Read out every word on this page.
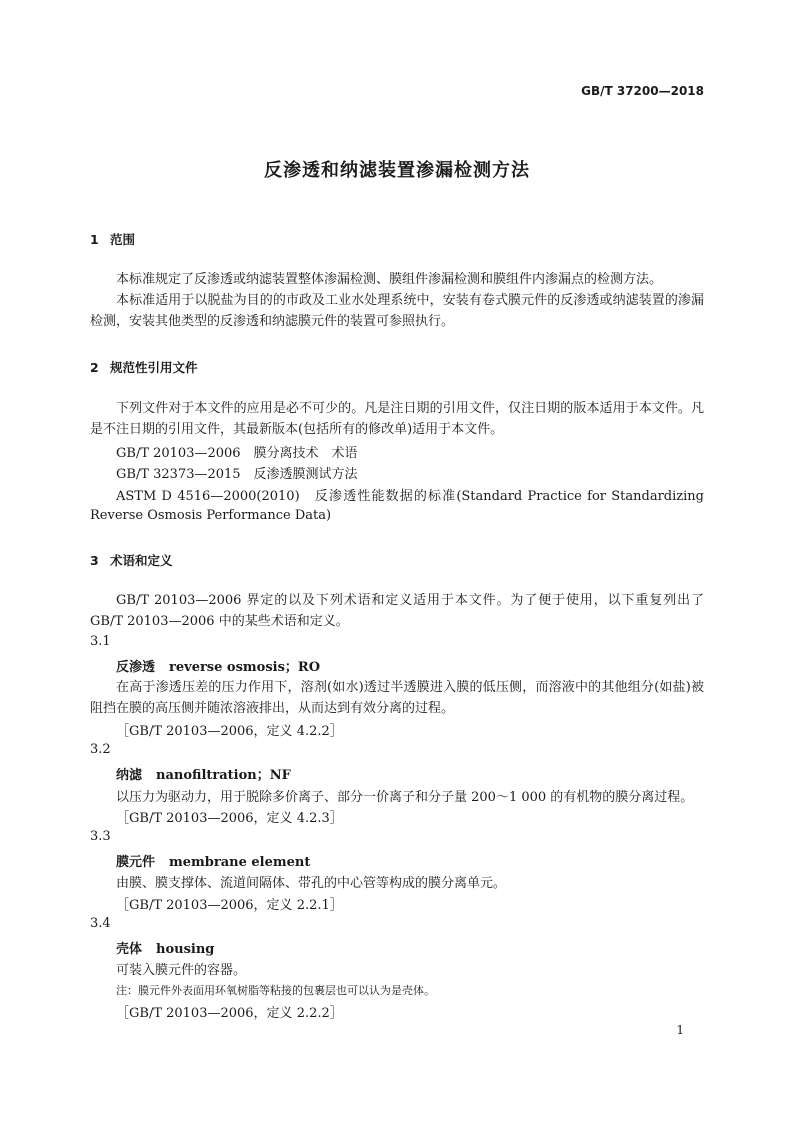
GB/T 37200—2018
反渗透和纳滤装置渗漏检测方法
1 范围
本标准规定了反渗透或纳滤装置整体渗漏检测、膜组件渗漏检测和膜组件内渗漏点的检测方法。
本标准适用于以脱盐为目的的市政及工业水处理系统中，安装有卷式膜元件的反渗透或纳滤装置的渗漏检测，安装其他类型的反渗透和纳滤膜元件的装置可参照执行。
2 规范性引用文件
下列文件对于本文件的应用是必不可少的。凡是注日期的引用文件，仅注日期的版本适用于本文件。凡是不注日期的引用文件，其最新版本(包括所有的修改单)适用于本文件。
GB/T 20103—2006　膜分离技术　术语
GB/T 32373—2015　反渗透膜测试方法
ASTM D 4516—2000(2010)　反渗透性能数据的标准(Standard Practice for Standardizing
Reverse Osmosis Performance Data)
3 术语和定义
GB/T 20103—2006 界定的以及下列术语和定义适用于本文件。为了便于使用，以下重复列出了GB/T 20103—2006 中的某些术语和定义。
3.1
反渗透 reverse osmosis；RO
在高于渗透压差的压力作用下，溶剂(如水)透过半透膜进入膜的低压侧，而溶液中的其他组分(如盐)被阻挡在膜的高压侧并随浓溶液排出，从而达到有效分离的过程。
［GB/T 20103—2006，定义 4.2.2］
3.2
纳滤 nanofiltration；NF
以压力为驱动力，用于脱除多价离子、部分一价离子和分子量 200～1 000 的有机物的膜分离过程。
［GB/T 20103—2006，定义 4.2.3］
3.3
膜元件 membrane element
由膜、膜支撑体、流道间隔体、带孔的中心管等构成的膜分离单元。
［GB/T 20103—2006，定义 2.2.1］
3.4
壳体 housing
可装入膜元件的容器。
注：膜元件外表面用环氧树脂等粘接的包裹层也可以认为是壳体。
［GB/T 20103—2006，定义 2.2.2］
1
